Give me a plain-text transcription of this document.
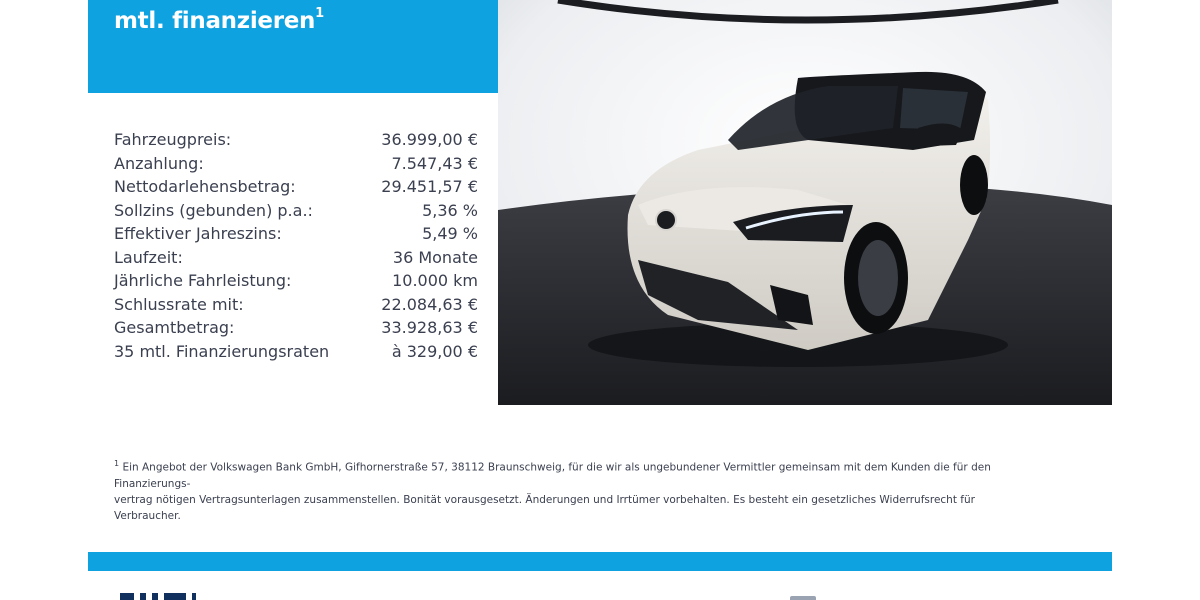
mtl. finanzieren$^1$
Fahrzeugpreis:	36.999,00 €
Anzahlung:	7.547,43 €
Nettodarlehensbetrag:	29.451,57 €
Sollzins (gebunden) p.a.:	5,36 %
Effektiver Jahreszins:	5,49 %
Laufzeit:	36 Monate
Jährliche Fahrleistung:	10.000 km
Schlussrate mit:	22.084,63 €
Gesamtbetrag:	33.928,63 €
35 mtl. Finanzierungsraten	à 329,00 €
$^1$ Ein Angebot der Volkswagen Bank GmbH, Gifhornerstraße 57, 38112 Braunschweig, für die wir als ungebundener Vermittler gemeinsam mit dem Kunden die für den Finanzierungs-
vertrag nötigen Vertragsunterlagen zusammenstellen. Bonität vorausgesetzt. Änderungen und Irrtümer vorbehalten. Es besteht ein gesetzliches Widerrufsrecht für Verbraucher.
